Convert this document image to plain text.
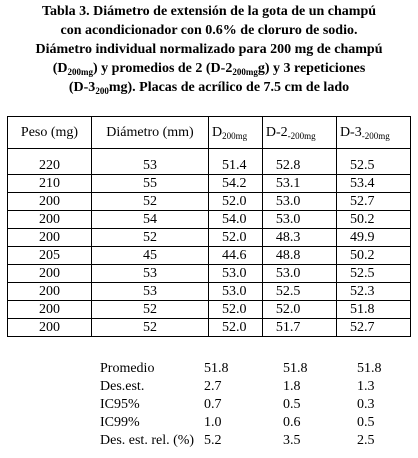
Tabla 3. Diámetro de extensión de la gota de un champú
con acondicionador con 0.6% de cloruro de sodio.
Diámetro individual normalizado para 200 mg de champú
$(D_{200mg})$ y promedios de 2 $(D-2_{200mg}g)$ y 3 repeticiones
$(D-3_{200}mg)$. Placas de acrílico de 7.5 cm de lado
Peso (mg)	Diámetro (mm)	$D_{200mg}$	$D-2_{-200mg}$	$D-3_{-200mg}$
220	53	51.4	52.8	52.5
210	55	54.2	53.1	53.4
200	52	52.0	53.0	52.7
200	54	54.0	53.0	50.2
200	52	52.0	48.3	49.9
205	45	44.6	48.8	50.2
200	53	53.0	53.0	52.5
200	53	53.0	52.5	52.3
200	52	52.0	52.0	51.8
200	52	52.0	51.7	52.7
Promedio	51.8	51.8	51.8
Des.est.	2.7	1.8	1.3
IC95%	0.7	0.5	0.3
IC99%	1.0	0.6	0.5
Des. est. rel. (%)	5.2	3.5	2.5
